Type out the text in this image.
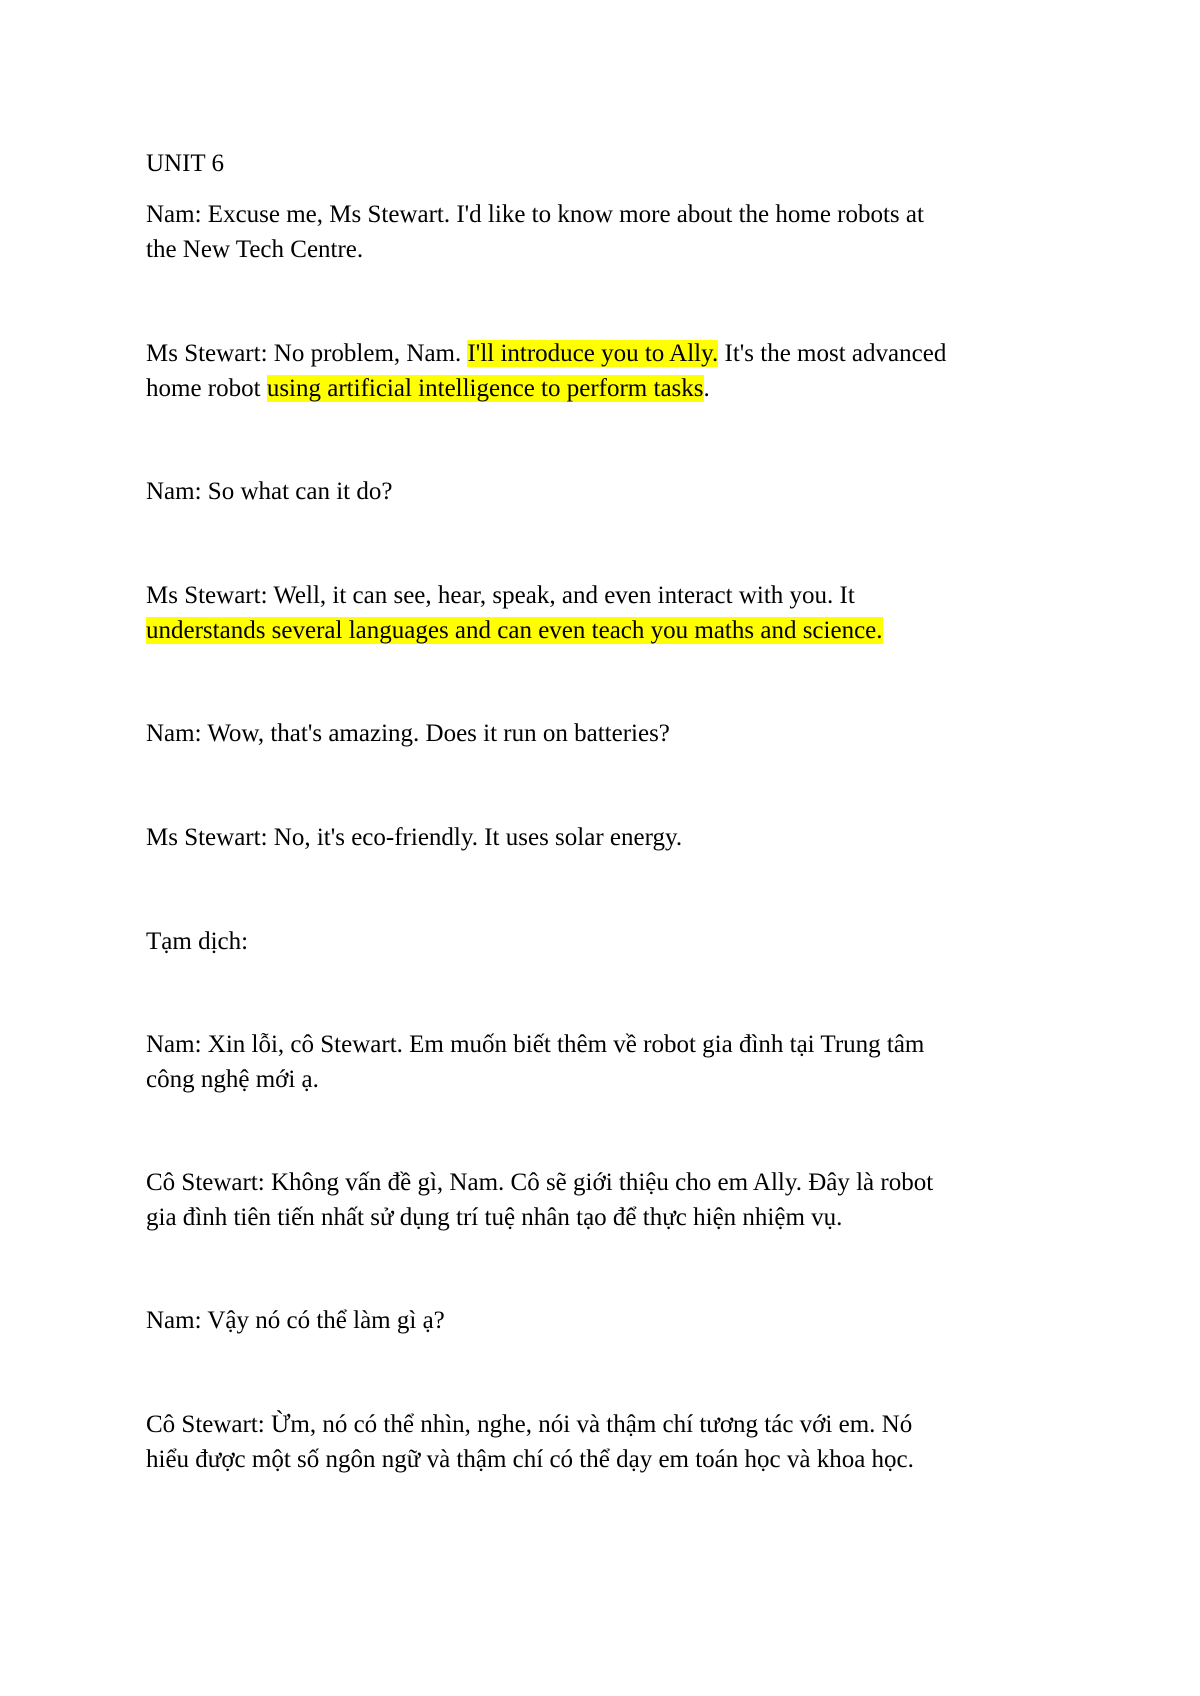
UNIT 6

Nam: Excuse me, Ms Stewart. I'd like to know more about the home robots at

the New Tech Centre.

Ms Stewart: No problem, Nam. I'll introduce you to Ally. It's the most advanced

home robot using artificial intelligence to perform tasks.

Nam: So what can it do?

Ms Stewart: Well, it can see, hear, speak, and even interact with you. It

understands several languages and can even teach you maths and science.

Nam: Wow, that's amazing. Does it run on batteries?

Ms Stewart: No, it's eco-friendly. It uses solar energy.

Tạm dịch:

Nam: Xin lỗi, cô Stewart. Em muốn biết thêm về robot gia đình tại Trung tâm

công nghệ mới ạ.

Cô Stewart: Không vấn đề gì, Nam. Cô sẽ giới thiệu cho em Ally. Đây là robot

gia đình tiên tiến nhất sử dụng trí tuệ nhân tạo để thực hiện nhiệm vụ.

Nam: Vậy nó có thể làm gì ạ?

Cô Stewart: Ừm, nó có thể nhìn, nghe, nói và thậm chí tương tác với em. Nó

hiểu được một số ngôn ngữ và thậm chí có thể dạy em toán học và khoa học.
